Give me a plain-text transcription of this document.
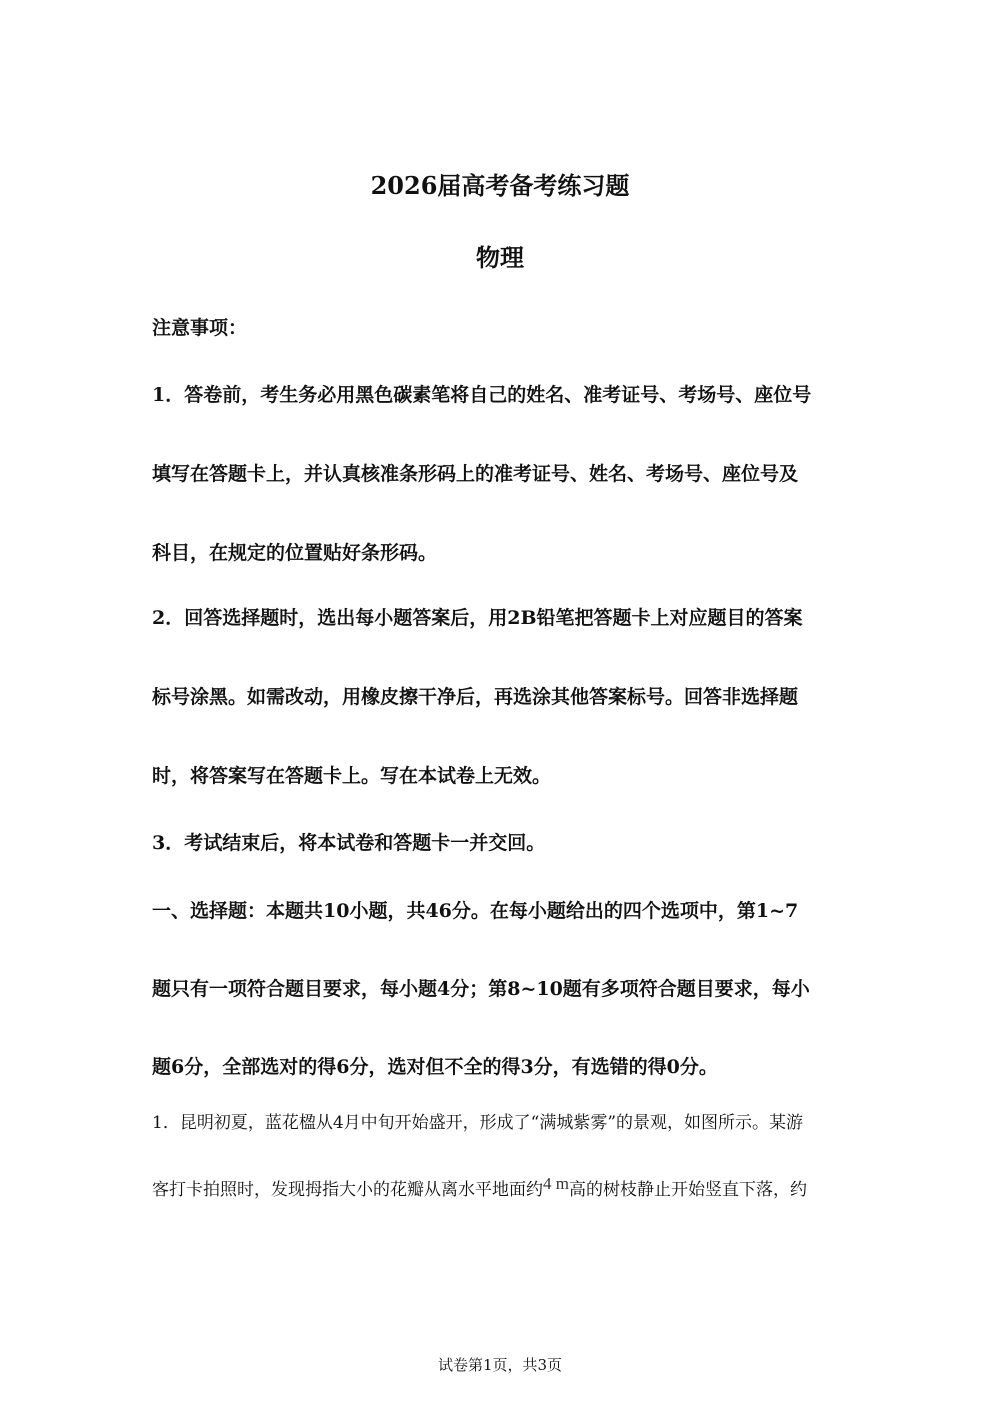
2026届高考备考练习题
物理
注意事项：
1．答卷前，考生务必用黑色碳素笔将自己的姓名、准考证号、考场号、座位号
填写在答题卡上，并认真核准条形码上的准考证号、姓名、考场号、座位号及
科目，在规定的位置贴好条形码。
2．回答选择题时，选出每小题答案后，用2B铅笔把答题卡上对应题目的答案
标号涂黑。如需改动，用橡皮擦干净后，再选涂其他答案标号。回答非选择题
时，将答案写在答题卡上。写在本试卷上无效。
3．考试结束后，将本试卷和答题卡一并交回。
一、选择题：本题共10小题，共46分。在每小题给出的四个选项中，第1~7
题只有一项符合题目要求，每小题4分；第8~10题有多项符合题目要求，每小
题6分，全部选对的得6分，选对但不全的得3分，有选错的得0分。
1．昆明初夏，蓝花楹从4月中旬开始盛开，形成了“满城紫雾”的景观，如图所示。某游
客打卡拍照时，发现拇指大小的花瓣从离水平地面约4 m高的树枝静止开始竖直下落，约
试卷第1页，共3页
